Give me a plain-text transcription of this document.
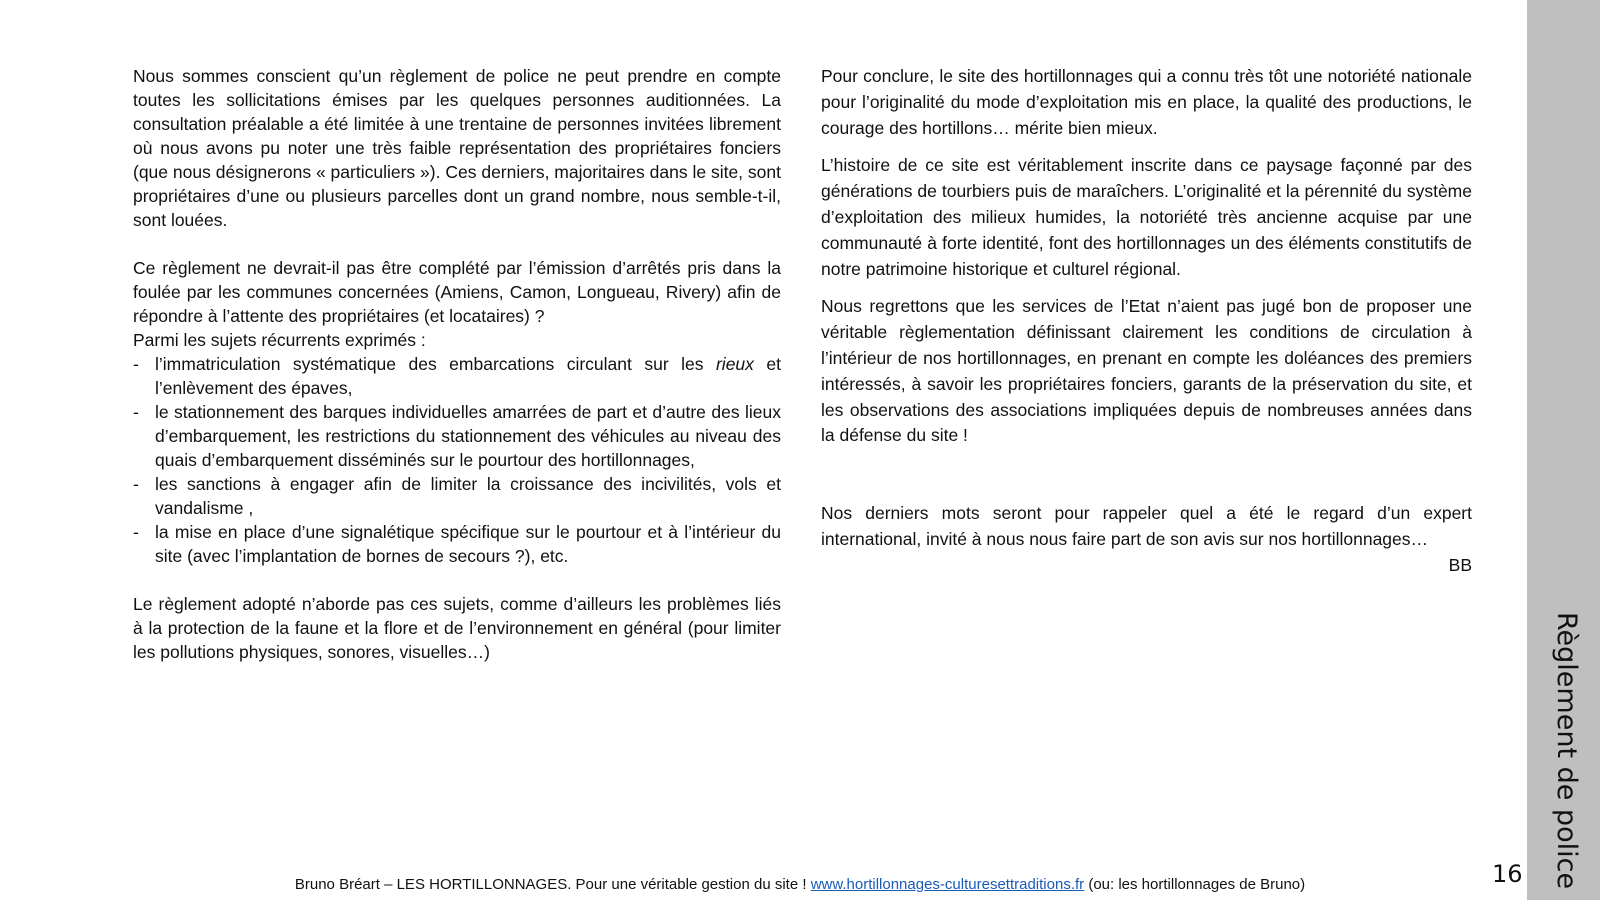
Nous sommes conscient qu’un règlement de police ne peut prendre en compte toutes les sollicitations émises par les quelques personnes auditionnées. La consultation préalable a été limitée à une trentaine de personnes invitées librement où nous avons pu noter une très faible représentation des propriétaires fonciers (que nous désignerons « particuliers »). Ces derniers, majoritaires dans le site, sont propriétaires d’une ou plusieurs parcelles dont un grand nombre, nous semble-t-il, sont louées.

Ce règlement ne devrait-il pas être complété par l’émission d’arrêtés pris dans la foulée par les communes concernées (Amiens, Camon, Longueau, Rivery) afin de répondre à l’attente des propriétaires (et locataires) ?

Parmi les sujets récurrents exprimés :

- l’immatriculation systématique des embarcations circulant sur les rieux et l’enlèvement des épaves,
- le stationnement des barques individuelles amarrées de part et d’autre des lieux d’embarquement, les restrictions du stationnement des véhicules au niveau des quais d’embarquement disséminés sur le pourtour des hortillonnages,
- les sanctions à engager afin de limiter la croissance des incivilités, vols et vandalisme ,
- la mise en place d’une signalétique spécifique sur le pourtour et à l’intérieur du site (avec l’implantation de bornes de secours ?), etc.

Le règlement adopté n’aborde pas ces sujets, comme d’ailleurs les problèmes liés à la protection de la faune et la flore et de l’environnement en général (pour limiter les pollutions physiques, sonores, visuelles…)

Pour conclure, le site des hortillonnages qui a connu très tôt une notoriété nationale pour l’originalité du mode d’exploitation mis en place, la qualité des productions, le courage des hortillons… mérite bien mieux.

L’histoire de ce site est véritablement inscrite dans ce paysage façonné par des générations de tourbiers puis de maraîchers. L’originalité et la pérennité du système d’exploitation des milieux humides, la notoriété très ancienne acquise par une communauté à forte identité, font des hortillonnages un des éléments constitutifs de notre patrimoine historique et culturel régional.

Nous regrettons que les services de l’Etat n’aient pas jugé bon de proposer une véritable règlementation définissant clairement les conditions de circulation à l’intérieur de nos hortillonnages, en prenant en compte les doléances des premiers intéressés, à savoir les propriétaires fonciers, garants de la préservation du site, et les observations des associations impliquées depuis de nombreuses années dans la défense du site !

Nos derniers mots seront pour rappeler quel a été le regard d’un expert international, invité à nous nous faire part de son avis sur nos hortillonnages…

BB

Règlement de police
16
Bruno Bréart – LES HORTILLONNAGES. Pour une véritable gestion du site ! www.hortillonnages-culturesettraditions.fr (ou: les hortillonnages de Bruno)
